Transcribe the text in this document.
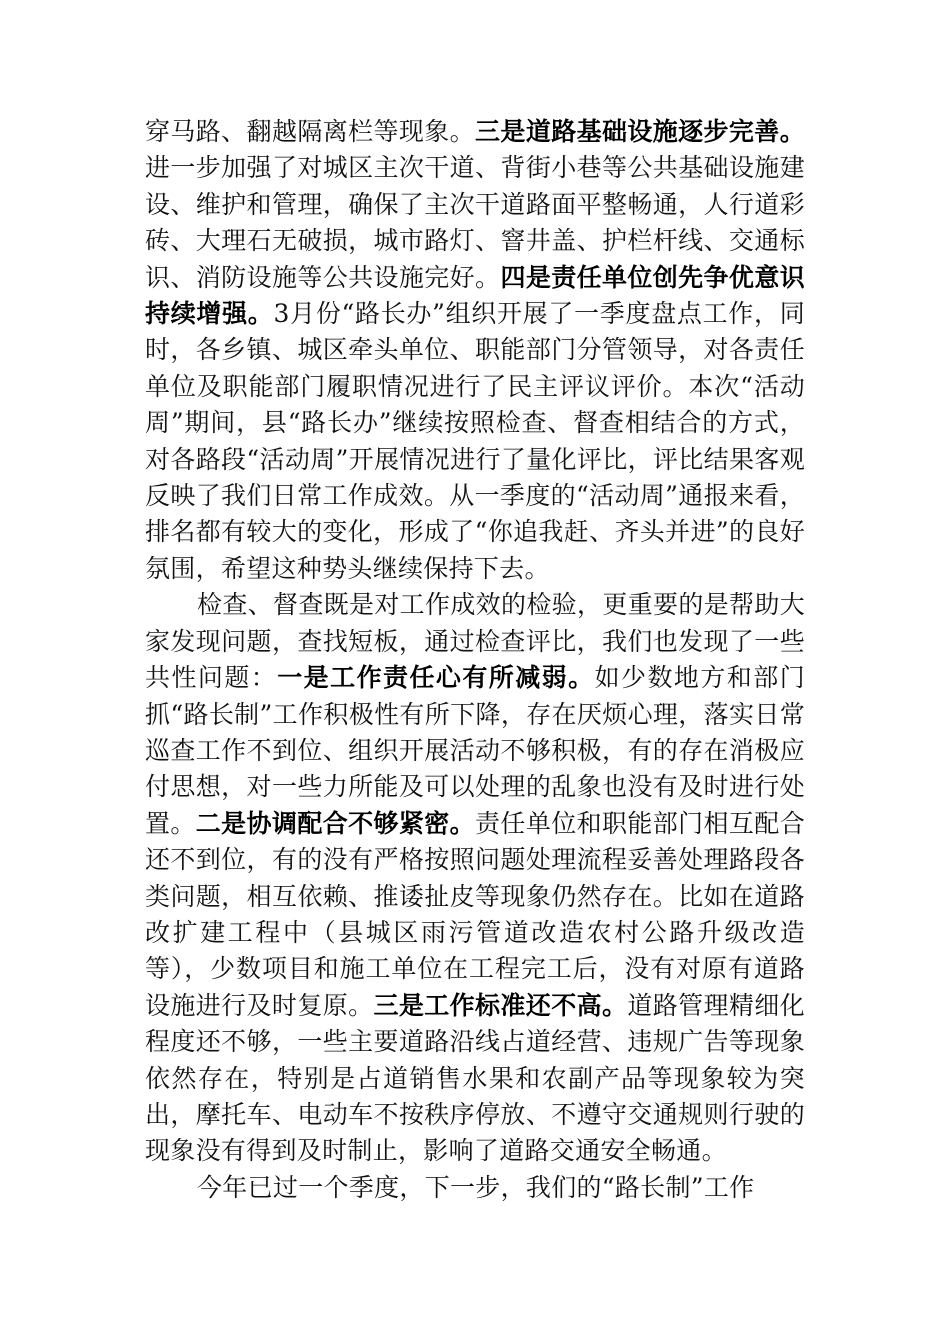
穿马路、翻越隔离栏等现象。三是道路基础设施逐步完善。进一步加强了对城区主次干道、背街小巷等公共基础设施建设、维护和管理，确保了主次干道路面平整畅通，人行道彩砖、大理石无破损，城市路灯、窨井盖、护栏杆线、交通标识、消防设施等公共设施完好。四是责任单位创先争优意识持续增强。3月份“路长办”组织开展了一季度盘点工作，同时，各乡镇、城区牵头单位、职能部门分管领导，对各责任单位及职能部门履职情况进行了民主评议评价。本次“活动周”期间，县“路长办”继续按照检查、督查相结合的方式，对各路段“活动周”开展情况进行了量化评比，评比结果客观反映了我们日常工作成效。从一季度的“活动周”通报来看，排名都有较大的变化，形成了“你追我赶、齐头并进”的良好氛围，希望这种势头继续保持下去。

检查、督查既是对工作成效的检验，更重要的是帮助大家发现问题，查找短板，通过检查评比，我们也发现了一些共性问题：一是工作责任心有所减弱。如少数地方和部门抓“路长制”工作积极性有所下降，存在厌烦心理，落实日常巡查工作不到位、组织开展活动不够积极，有的存在消极应付思想，对一些力所能及可以处理的乱象也没有及时进行处置。二是协调配合不够紧密。责任单位和职能部门相互配合还不到位，有的没有严格按照问题处理流程妥善处理路段各类问题，相互依赖、推诿扯皮等现象仍然存在。比如在道路改扩建工程中（县城区雨污管道改造农村公路升级改造等），少数项目和施工单位在工程完工后，没有对原有道路设施进行及时复原。三是工作标准还不高。道路管理精细化程度还不够，一些主要道路沿线占道经营、违规广告等现象依然存在，特别是占道销售水果和农副产品等现象较为突出，摩托车、电动车不按秩序停放、不遵守交通规则行驶的现象没有得到及时制止，影响了道路交通安全畅通。

今年已过一个季度，下一步，我们的“路长制”工作
